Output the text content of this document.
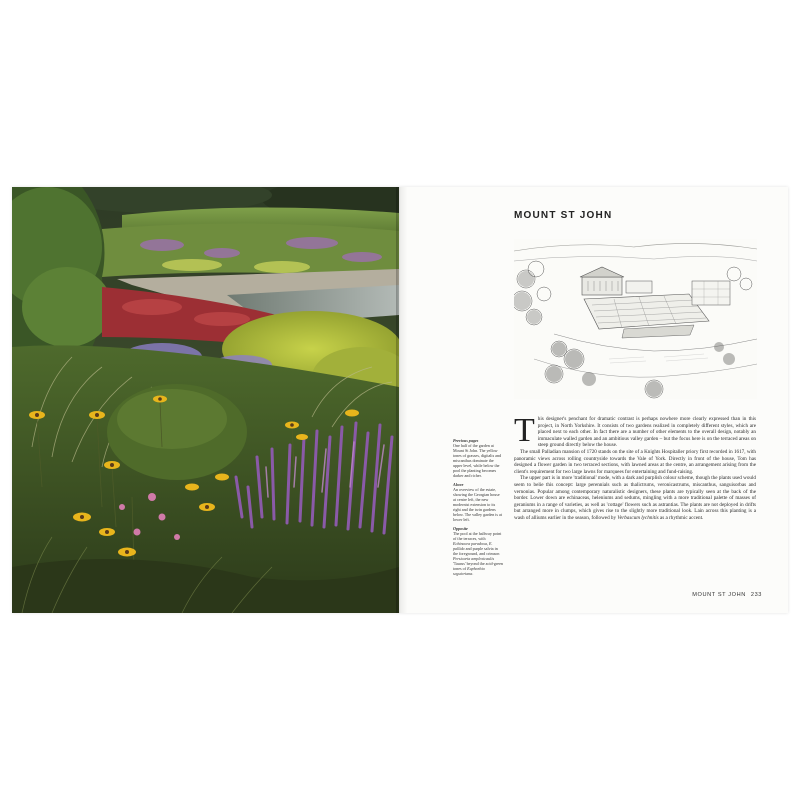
MOUNT ST JOHN
Previous pages
One half of the garden at Mount St John. The yellow tones of grasses, digitalis and miscanthus dominate the upper level, while below the pool the planting becomes darker and richer.
Above
An overview of the estate, showing the Georgian house at centre left, the new modernist extension to its right and the twin gardens below. The valley garden is at lower left.
Opposite
The pool at the halfway point of the terraces, with Echinacea paradoxa, E. pallida and purple salvia in the foreground, and crimson Persicaria amplexicaulis 'Taurus' beyond the acid-green tones of Euphorbia seguieriana.

This designer's penchant for dramatic contrast is perhaps nowhere more clearly expressed than in this project, in North Yorkshire. It consists of two gardens realized in completely different styles, which are placed next to each other. In fact there are a number of other elements to the overall design, notably an immaculate walled garden and an ambitious valley garden – but the focus here is on the terraced areas on steep ground directly below the house.

The small Palladian mansion of 1720 stands on the site of a Knights Hospitaller priory first recorded in 1617, with panoramic views across rolling countryside towards the Vale of York. Directly in front of the house, Tom has designed a flower garden in two terraced sections, with lawned areas at the centre, an arrangement arising from the client's requirement for two large lawns for marquees for entertaining and fund-raising.

The upper part is in more 'traditional' mode, with a dark and purplish colour scheme, though the plants used would seem to belie this concept: large perennials such as thalictrums, veronicastrums, miscanthus, sanguisorbas and vernonias. Popular among contemporary naturalistic designers, these plants are typically seen at the back of the border. Lower down are echinaceas, heleniums and sedums, mingling with a more traditional palette of masses of geraniums in a range of varieties, as well as 'cottage' flowers such as astrantias. The plants are not deployed in drifts but arranged more in clumps, which gives rise to the slightly more traditional look. Lain across this planting is a wash of alliums earlier in the season, followed by Verbascum lychnitis as a rhythmic accent.

MOUNT ST JOHN 233
